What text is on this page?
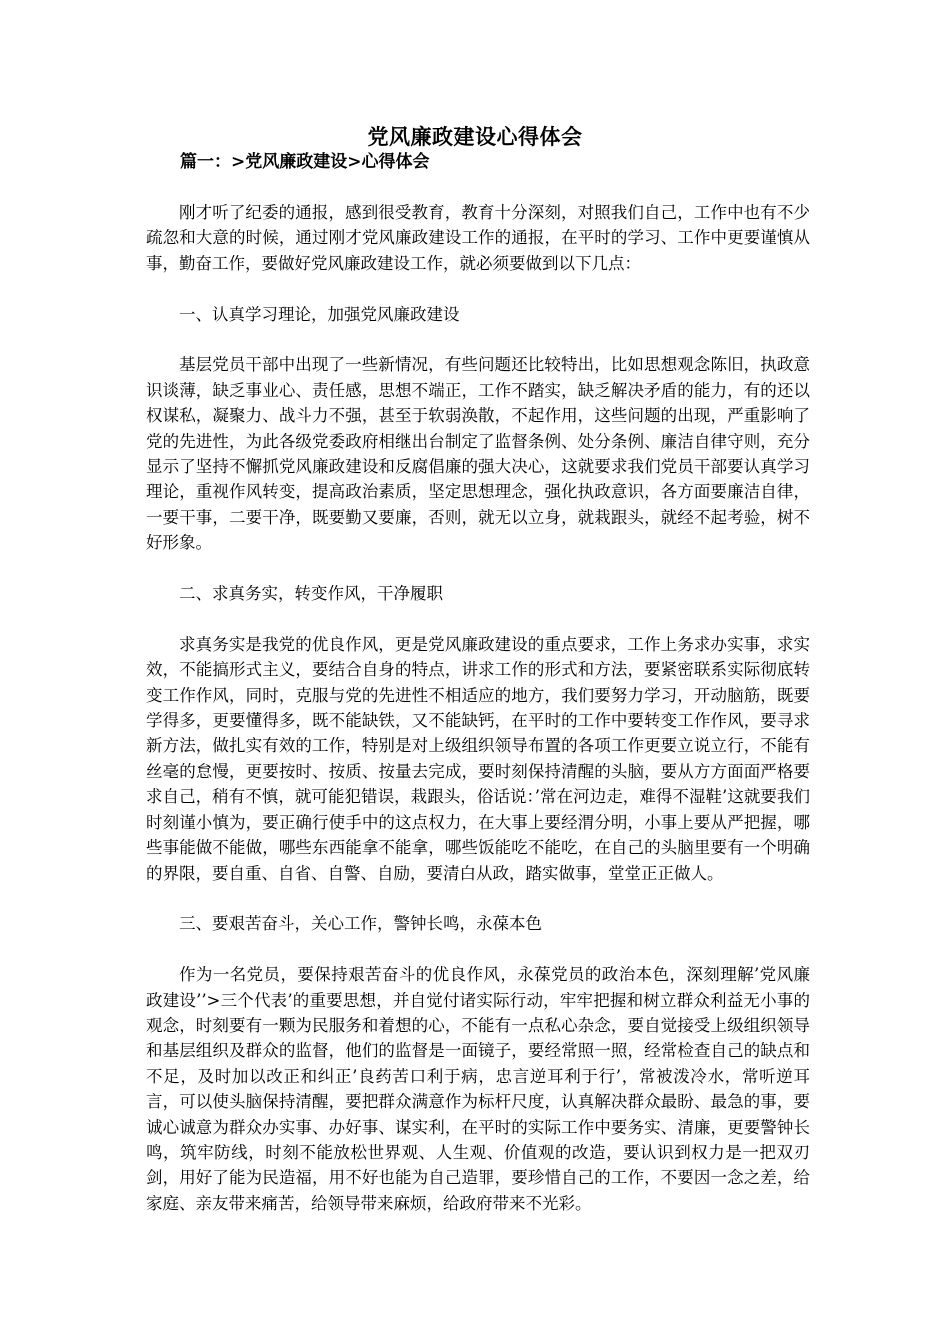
党风廉政建设心得体会
篇一：>党风廉政建设>心得体会

刚才听了纪委的通报，感到很受教育，教育十分深刻，对照我们自己，工作中也有不少疏忽和大意的时候，通过刚才党风廉政建设工作的通报，在平时的学习、工作中更要谨慎从事，勤奋工作，要做好党风廉政建设工作，就必须要做到以下几点：

一、认真学习理论，加强党风廉政建设

基层党员干部中出现了一些新情况，有些问题还比较特出，比如思想观念陈旧，执政意识谈薄，缺乏事业心、责任感，思想不端正，工作不踏实，缺乏解决矛盾的能力，有的还以权谋私，凝聚力、战斗力不强，甚至于软弱涣散，不起作用，这些问题的出现，严重影响了党的先进性，为此各级党委政府相继出台制定了监督条例、处分条例、廉洁自律守则，充分显示了坚持不懈抓党风廉政建设和反腐倡廉的强大决心，这就要求我们党员干部要认真学习理论，重视作风转变，提高政治素质，坚定思想理念，强化执政意识，各方面要廉洁自律，一要干事，二要干净，既要勤又要廉，否则，就无以立身，就栽跟头，就经不起考验，树不好形象。

二、求真务实，转变作风，干净履职

求真务实是我党的优良作风，更是党风廉政建设的重点要求，工作上务求办实事，求实效，不能搞形式主义，要结合自身的特点，讲求工作的形式和方法，要紧密联系实际彻底转变工作作风，同时，克服与党的先进性不相适应的地方，我们要努力学习，开动脑筋，既要学得多，更要懂得多，既不能缺铁，又不能缺钙，在平时的工作中要转变工作作风，要寻求新方法，做扎实有效的工作，特别是对上级组织领导布置的各项工作更要立说立行，不能有丝毫的怠慢，更要按时、按质、按量去完成，要时刻保持清醒的头脑，要从方方面面严格要求自己，稍有不慎，就可能犯错误，栽跟头，俗话说：’常在河边走，难得不湿鞋’这就要我们时刻谨小慎为，要正确行使手中的这点权力，在大事上要经渭分明，小事上要从严把握，哪些事能做不能做，哪些东西能拿不能拿，哪些饭能吃不能吃，在自己的头脑里要有一个明确的界限，要自重、自省、自警、自励，要清白从政，踏实做事，堂堂正正做人。

三、要艰苦奋斗，关心工作，警钟长鸣，永葆本色

作为一名党员，要保持艰苦奋斗的优良作风，永葆党员的政治本色，深刻理解’党风廉政建设’’>三个代表’的重要思想，并自觉付诸实际行动，牢牢把握和树立群众利益无小事的观念，时刻要有一颗为民服务和着想的心，不能有一点私心杂念，要自觉接受上级组织领导和基层组织及群众的监督，他们的监督是一面镜子，要经常照一照，经常检查自己的缺点和不足，及时加以改正和纠正’良药苦口利于病，忠言逆耳利于行’，常被泼冷水，常听逆耳言，可以使头脑保持清醒，要把群众满意作为标杆尺度，认真解决群众最盼、最急的事，要诚心诚意为群众办实事、办好事、谋实利，在平时的实际工作中要务实、清廉，更要警钟长鸣，筑牢防线，时刻不能放松世界观、人生观、价值观的改造，要认识到权力是一把双刃剑，用好了能为民造福，用不好也能为自己造罪，要珍惜自己的工作，不要因一念之差，给家庭、亲友带来痛苦，给领导带来麻烦，给政府带来不光彩。
